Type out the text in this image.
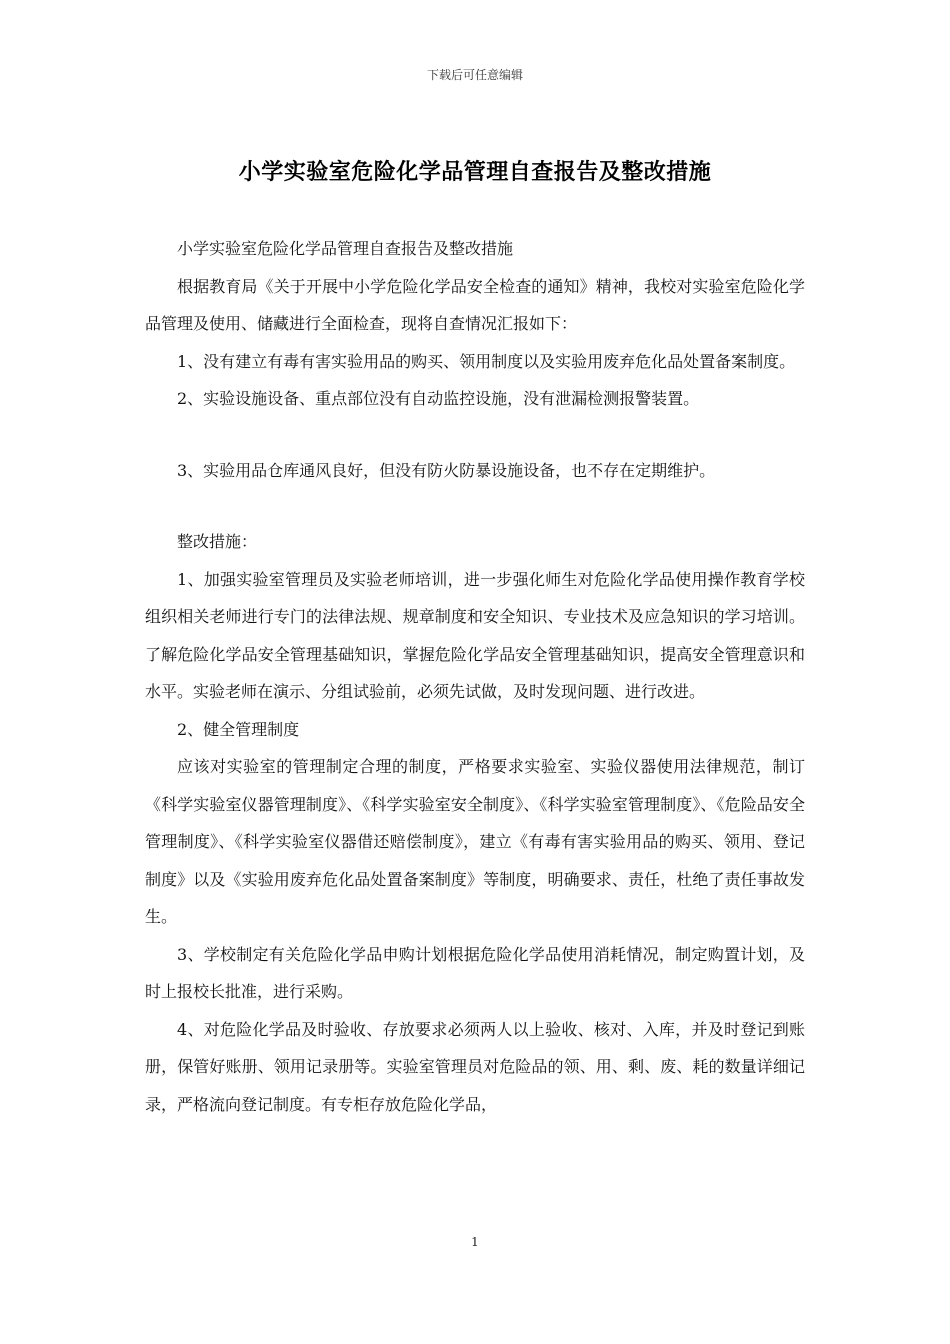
下载后可任意编辑
小学实验室危险化学品管理自查报告及整改措施

小学实验室危险化学品管理自查报告及整改措施

根据教育局《关于开展中小学危险化学品安全检查的通知》精神，我校对实验室危险化学品管理及使用、储藏进行全面检查，现将自查情况汇报如下：

1、没有建立有毒有害实验用品的购买、领用制度以及实验用废弃危化品处置备案制度。

2、实验设施设备、重点部位没有自动监控设施，没有泄漏检测报警装置。

3、实验用品仓库通风良好，但没有防火防暴设施设备，也不存在定期维护。

整改措施：

1、加强实验室管理员及实验老师培训，进一步强化师生对危险化学品使用操作教育学校组织相关老师进行专门的法律法规、规章制度和安全知识、专业技术及应急知识的学习培训。了解危险化学品安全管理基础知识，掌握危险化学品安全管理基础知识，提高安全管理意识和水平。实验老师在演示、分组试验前，必须先试做，及时发现问题、进行改进。

2、健全管理制度

应该对实验室的管理制定合理的制度，严格要求实验室、实验仪器使用法律规范，制订《科学实验室仪器管理制度》、《科学实验室安全制度》、《科学实验室管理制度》、《危险品安全管理制度》、《科学实验室仪器借还赔偿制度》，建立《有毒有害实验用品的购买、领用、登记制度》以及《实验用废弃危化品处置备案制度》等制度，明确要求、责任，杜绝了责任事故发生。

3、学校制定有关危险化学品申购计划根据危险化学品使用消耗情况，制定购置计划，及时上报校长批准，进行采购。

4、对危险化学品及时验收、存放要求必须两人以上验收、核对、入库，并及时登记到账册，保管好账册、领用记录册等。实验室管理员对危险品的领、用、剩、废、耗的数量详细记录，严格流向登记制度。有专柜存放危险化学品，

1
